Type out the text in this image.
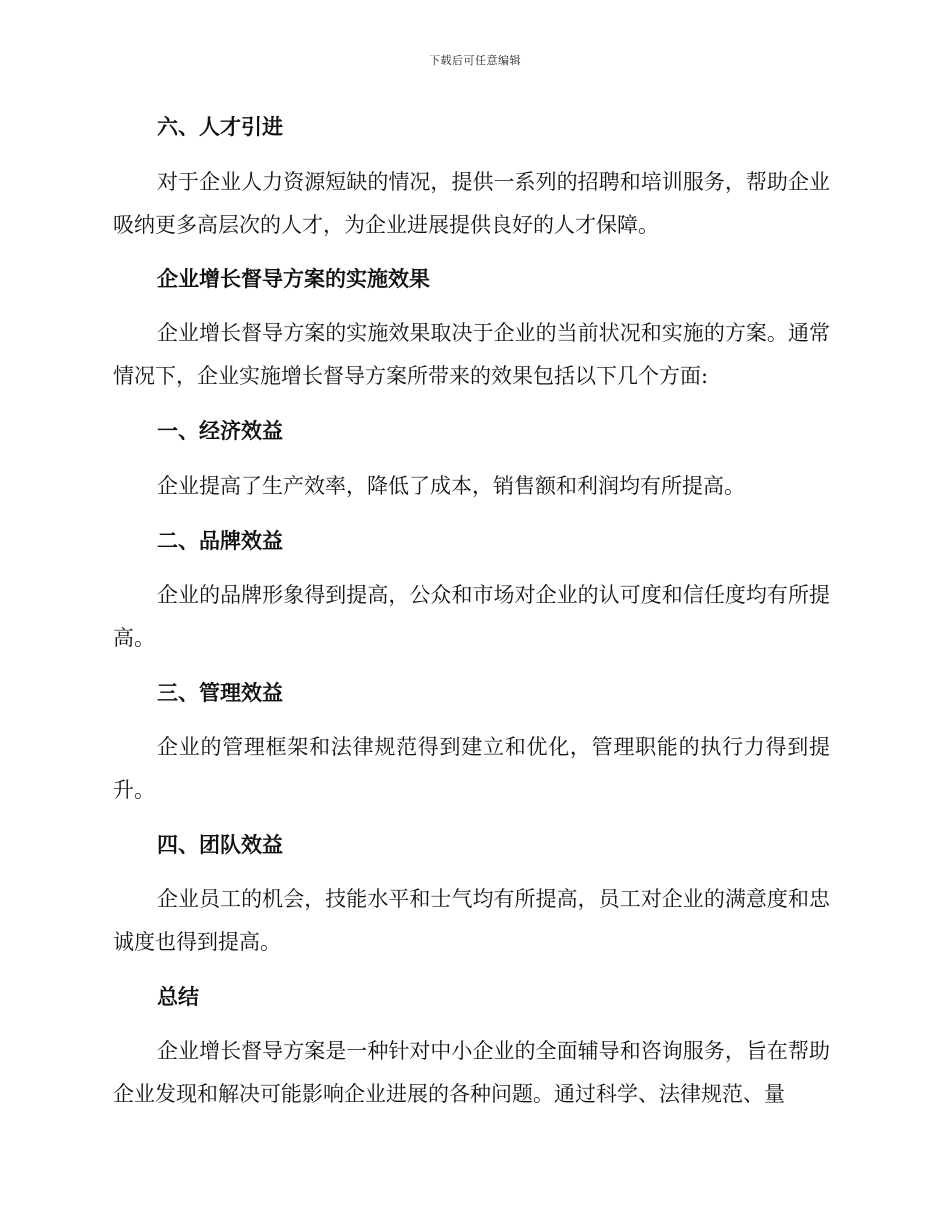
下载后可任意编辑
六、人才引进
对于企业人力资源短缺的情况，提供一系列的招聘和培训服务，帮助企业吸纳更多高层次的人才，为企业进展提供良好的人才保障。
企业增长督导方案的实施效果
企业增长督导方案的实施效果取决于企业的当前状况和实施的方案。通常情况下，企业实施增长督导方案所带来的效果包括以下几个方面:
一、经济效益
企业提高了生产效率，降低了成本，销售额和利润均有所提高。
二、品牌效益
企业的品牌形象得到提高，公众和市场对企业的认可度和信任度均有所提高。
三、管理效益
企业的管理框架和法律规范得到建立和优化，管理职能的执行力得到提升。
四、团队效益
企业员工的机会，技能水平和士气均有所提高，员工对企业的满意度和忠诚度也得到提高。
总结
企业增长督导方案是一种针对中小企业的全面辅导和咨询服务，旨在帮助企业发现和解决可能影响企业进展的各种问题。通过科学、法律规范、量
